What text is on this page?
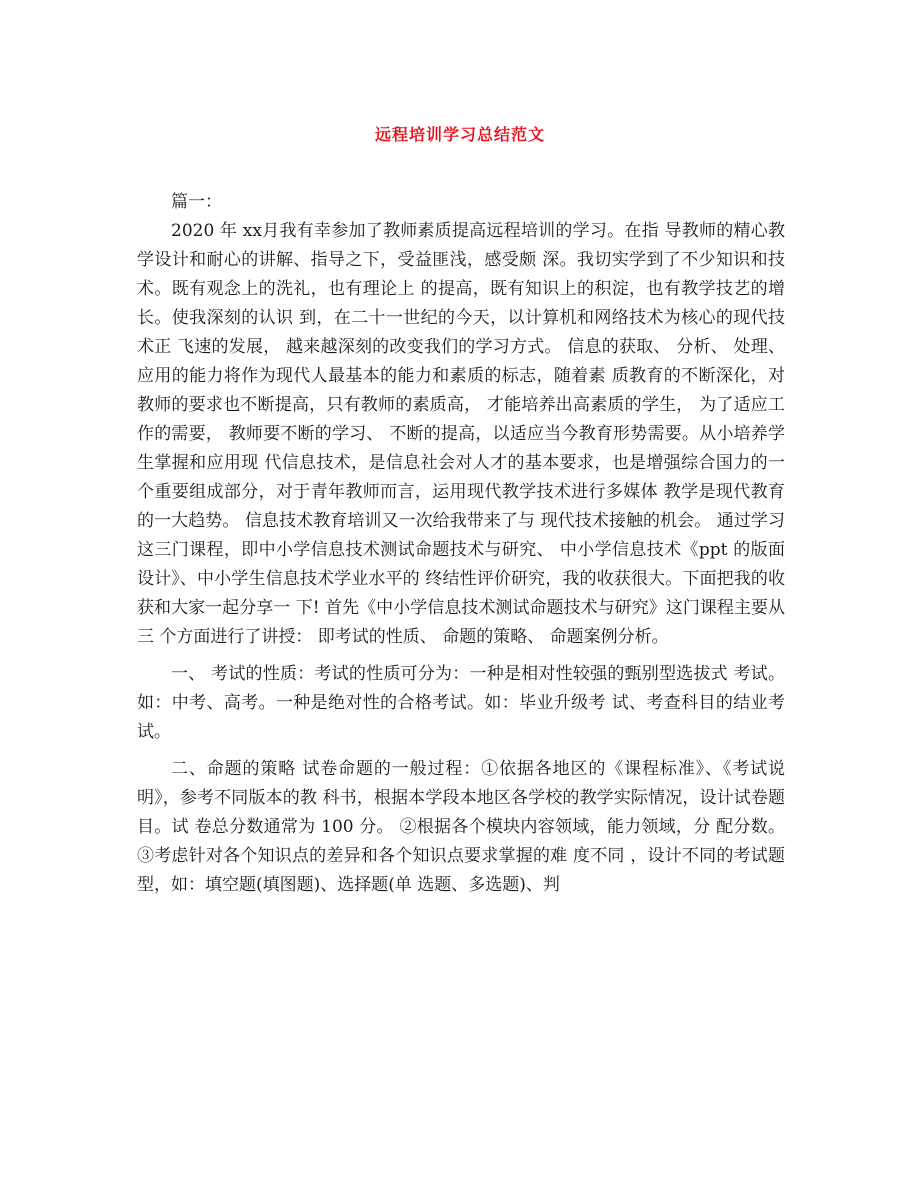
远程培训学习总结范文

篇一：

2020 年 xx月我有幸参加了教师素质提高远程培训的学习。在指 导教师的精心教学设计和耐心的讲解、指导之下，受益匪浅，感受颇 深。我切实学到了不少知识和技术。既有观念上的洗礼，也有理论上 的提高，既有知识上的积淀，也有教学技艺的增长。使我深刻的认识 到，在二十一世纪的今天，以计算机和网络技术为核心的现代技术正 飞速的发展， 越来越深刻的改变我们的学习方式。 信息的获取、 分析、 处理、应用的能力将作为现代人最基本的能力和素质的标志，随着素 质教育的不断深化，对教师的要求也不断提高，只有教师的素质高， 才能培养出高素质的学生， 为了适应工作的需要， 教师要不断的学习、 不断的提高，以适应当今教育形势需要。从小培养学生掌握和应用现 代信息技术，是信息社会对人才的基本要求，也是增强综合国力的一 个重要组成部分，对于青年教师而言，运用现代教学技术进行多媒体 教学是现代教育的一大趋势。 信息技术教育培训又一次给我带来了与 现代技术接触的机会。 通过学习这三门课程，即中小学信息技术测试命题技术与研究、 中小学信息技术《ppt 的版面设计》、中小学生信息技术学业水平的 终结性评价研究，我的收获很大。下面把我的收获和大家一起分享一 下! 首先《中小学信息技术测试命题技术与研究》这门课程主要从三 个方面进行了讲授： 即考试的性质、 命题的策略、 命题案例分析。

一、 考试的性质：考试的性质可分为：一种是相对性较强的甄别型选拔式 考试。如：中考、高考。一种是绝对性的合格考试。如：毕业升级考 试、考查科目的结业考试。

二、命题的策略 试卷命题的一般过程：①依据各地区的《课程标准》、《考试说明》，参考不同版本的教 科书，根据本学段本地区各学校的教学实际情况，设计试卷题目。试 卷总分数通常为 100 分。 ②根据各个模块内容领域，能力领域，分 配分数。 ③考虑针对各个知识点的差异和各个知识点要求掌握的难 度不同 ，设计不同的考试题型，如：填空题(填图题)、选择题(单 选题、多选题)、判
